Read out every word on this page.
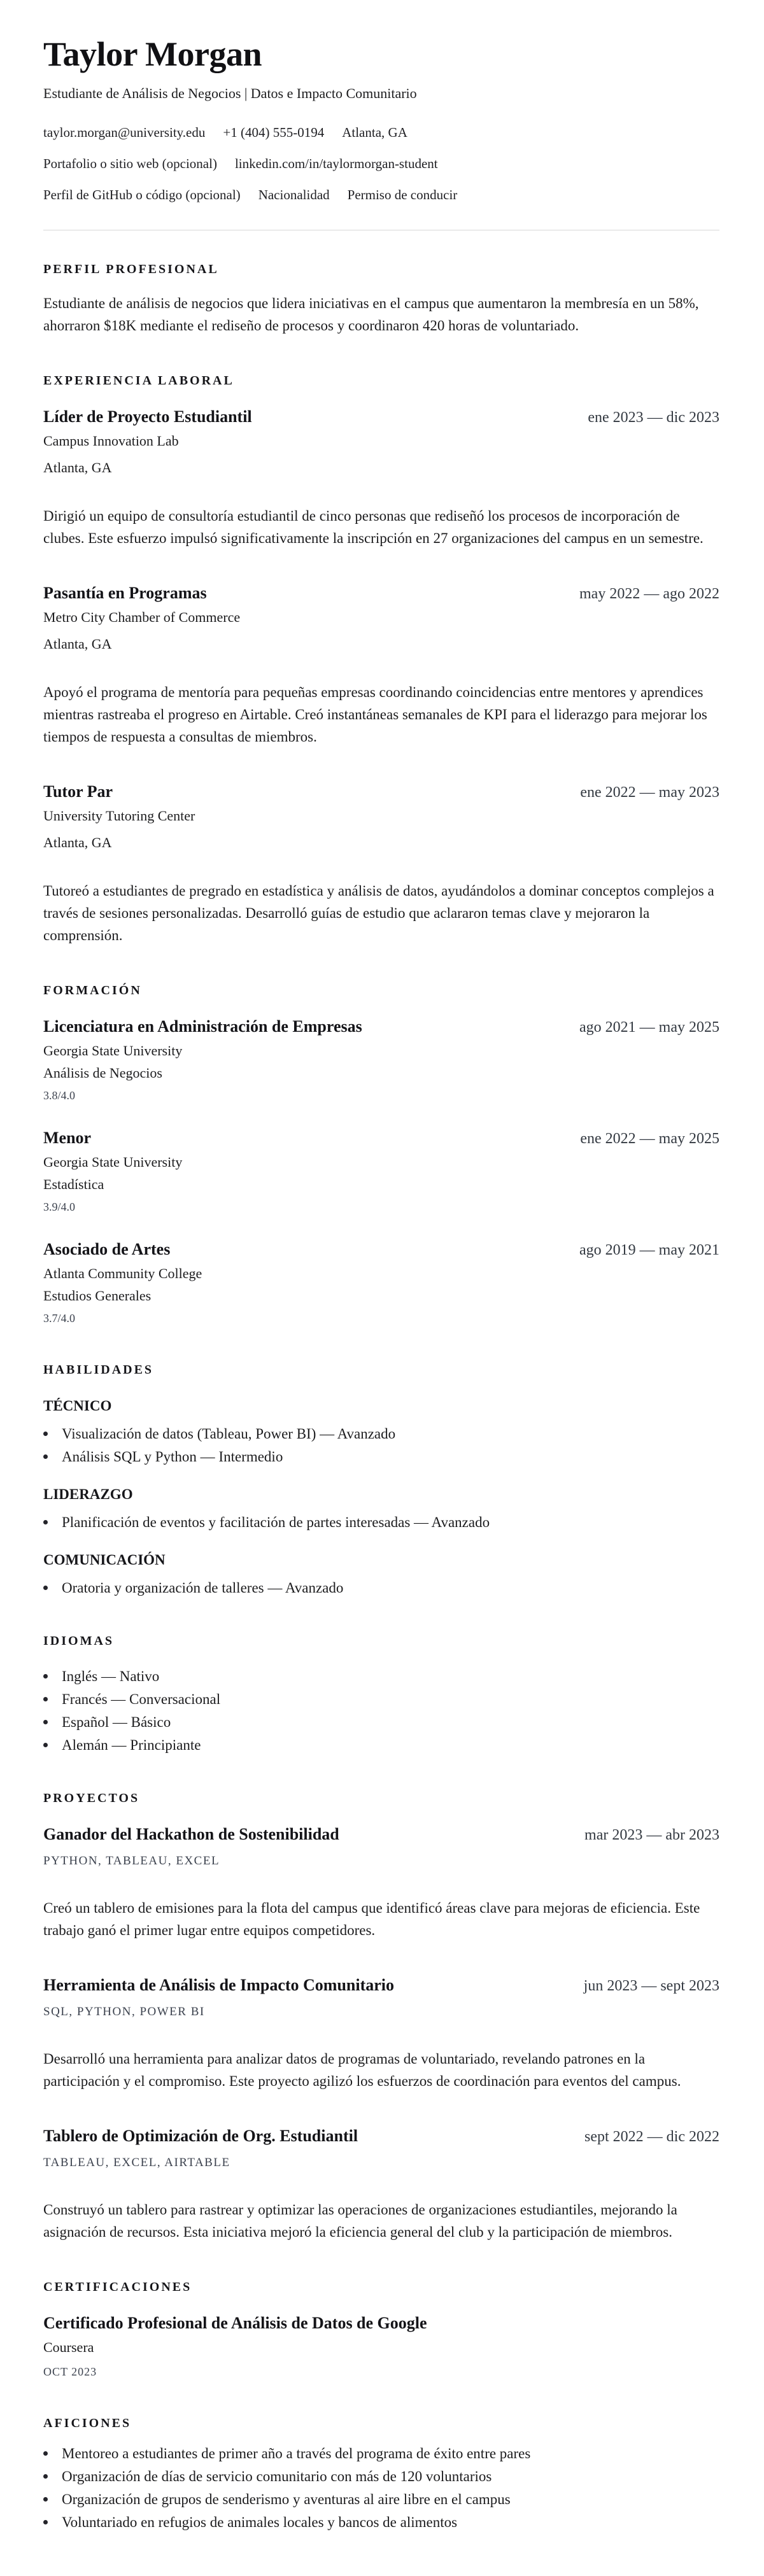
Taylor Morgan

Estudiante de Análisis de Negocios | Datos e Impacto Comunitario

taylor.morgan@university.edu +1 (404) 555-0194 Atlanta, GA
Portafolio o sitio web (opcional) linkedin.com/in/taylormorgan-student
Perfil de GitHub o código (opcional) Nacionalidad Permiso de conducir
PERFIL PROFESIONAL

Estudiante de análisis de negocios que lidera iniciativas en el campus que aumentaron la membresía en un 58%, ahorraron $18K mediante el rediseño de procesos y coordinaron 420 horas de voluntariado.

EXPERIENCIA LABORAL
Líder de Proyecto Estudiantil	ene 2023 — dic 2023

Campus Innovation Lab

Atlanta, GA

Dirigió un equipo de consultoría estudiantil de cinco personas que rediseñó los procesos de incorporación de clubes. Este esfuerzo impulsó significativamente la inscripción en 27 organizaciones del campus en un semestre.

Pasantía en Programas	may 2022 — ago 2022

Metro City Chamber of Commerce

Atlanta, GA

Apoyó el programa de mentoría para pequeñas empresas coordinando coincidencias entre mentores y aprendices mientras rastreaba el progreso en Airtable. Creó instantáneas semanales de KPI para el liderazgo para mejorar los tiempos de respuesta a consultas de miembros.

Tutor Par	ene 2022 — may 2023

University Tutoring Center

Atlanta, GA

Tutoreó a estudiantes de pregrado en estadística y análisis de datos, ayudándolos a dominar conceptos complejos a través de sesiones personalizadas. Desarrolló guías de estudio que aclararon temas clave y mejoraron la comprensión.

FORMACIÓN
Licenciatura en Administración de Empresas	ago 2021 — may 2025

Georgia State University

Análisis de Negocios

3.8/4.0

Menor	ene 2022 — may 2025

Georgia State University

Estadística

3.9/4.0

Asociado de Artes	ago 2019 — may 2021

Atlanta Community College

Estudios Generales

3.7/4.0

HABILIDADES
TÉCNICO
Visualización de datos (Tableau, Power BI) — Avanzado
Análisis SQL y Python — Intermedio
LIDERAZGO
Planificación de eventos y facilitación de partes interesadas — Avanzado
COMUNICACIÓN
Oratoria y organización de talleres — Avanzado
IDIOMAS
Inglés — Nativo
Francés — Conversacional
Español — Básico
Alemán — Principiante
PROYECTOS
Ganador del Hackathon de Sostenibilidad	mar 2023 — abr 2023

PYTHON, TABLEAU, EXCEL

Creó un tablero de emisiones para la flota del campus que identificó áreas clave para mejoras de eficiencia. Este trabajo ganó el primer lugar entre equipos competidores.

Herramienta de Análisis de Impacto Comunitario	jun 2023 — sept 2023

SQL, PYTHON, POWER BI

Desarrolló una herramienta para analizar datos de programas de voluntariado, revelando patrones en la participación y el compromiso. Este proyecto agilizó los esfuerzos de coordinación para eventos del campus.

Tablero de Optimización de Org. Estudiantil	sept 2022 — dic 2022

TABLEAU, EXCEL, AIRTABLE

Construyó un tablero para rastrear y optimizar las operaciones de organizaciones estudiantiles, mejorando la asignación de recursos. Esta iniciativa mejoró la eficiencia general del club y la participación de miembros.

CERTIFICACIONES
Certificado Profesional de Análisis de Datos de Google

Coursera

OCT 2023

AFICIONES
Mentoreo a estudiantes de primer año a través del programa de éxito entre pares
Organización de días de servicio comunitario con más de 120 voluntarios
Organización de grupos de senderismo y aventuras al aire libre en el campus
Voluntariado en refugios de animales locales y bancos de alimentos
